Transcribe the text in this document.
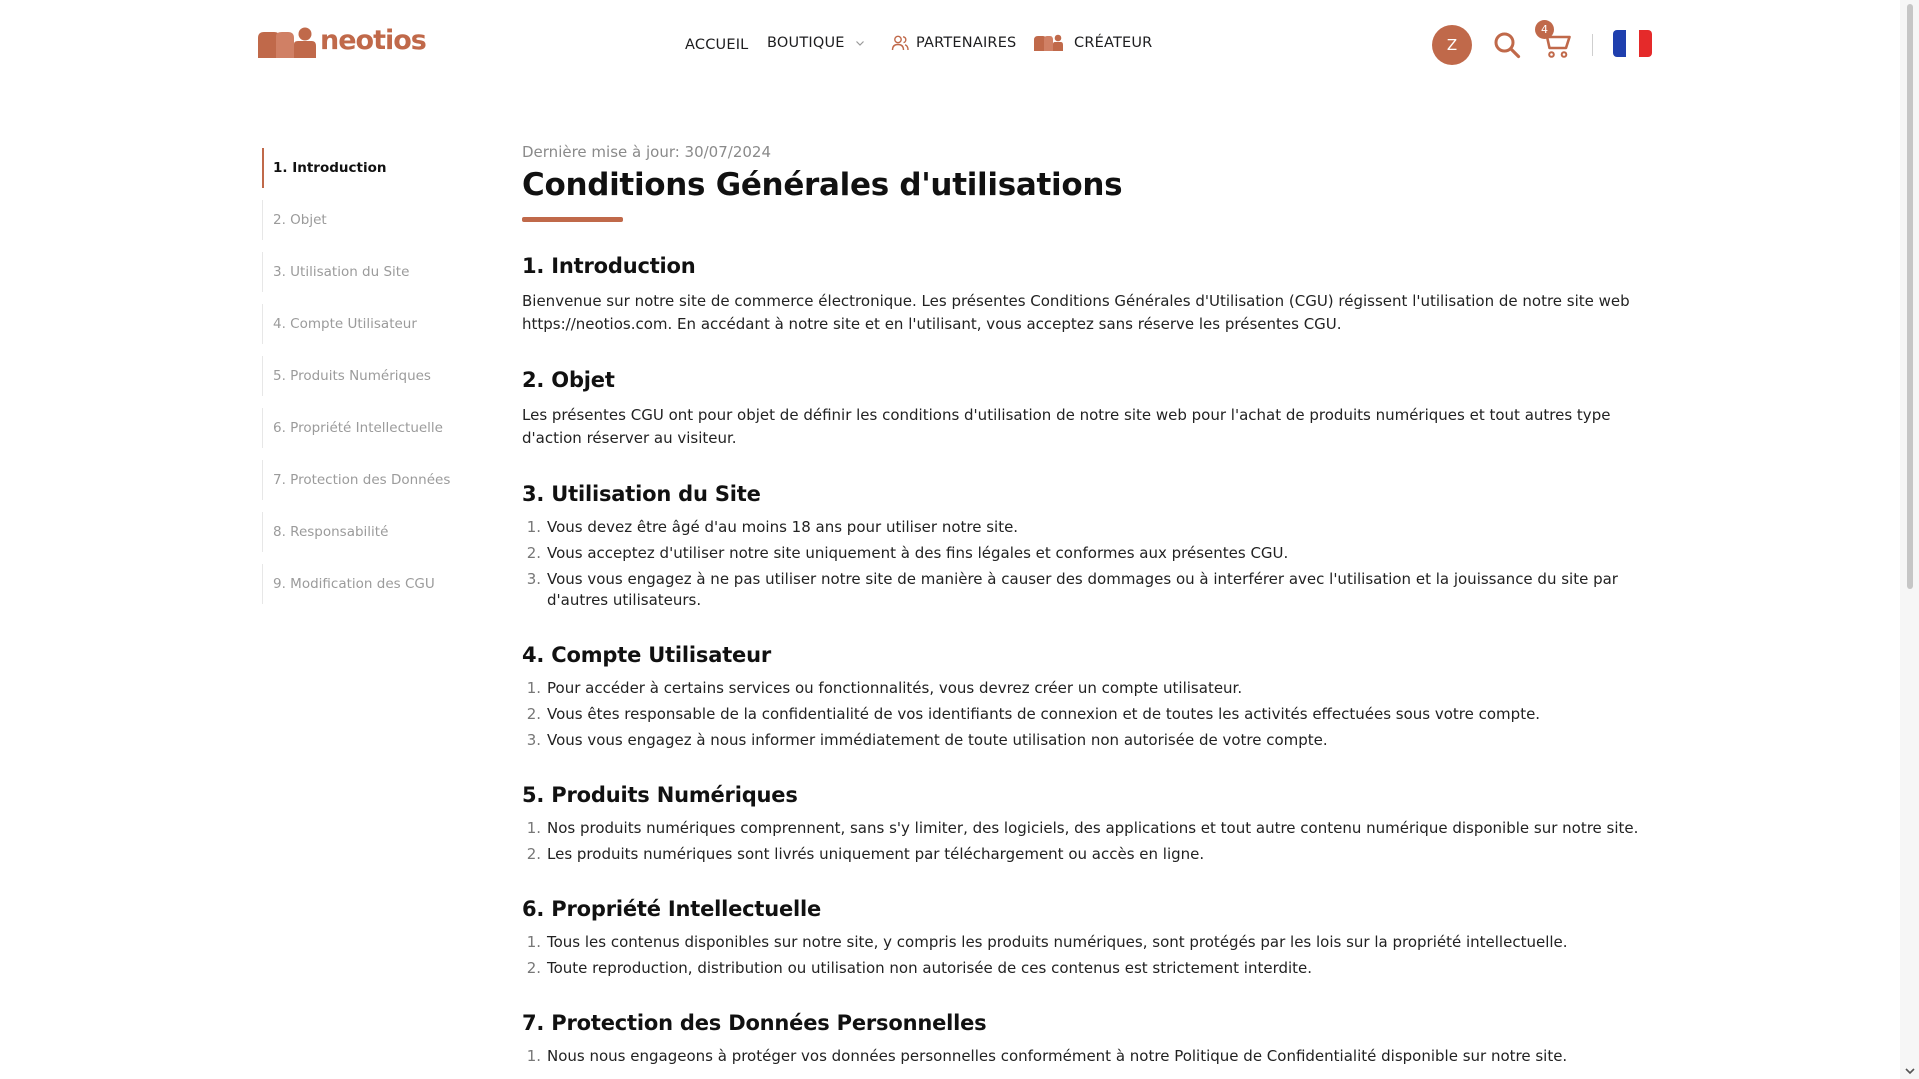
neotios	ACCUEIL BOUTIQUE	PARTENAIRES	CRÉATEUR	Z
4
1. Introduction
2. Objet
3. Utilisation du Site
4. Compte Utilisateur
5. Produits Numériques
6. Propriété Intellectuelle
7. Protection des Données
8. Responsabilité
9. Modification des CGU
Dernière mise à jour: 30/07/2024
Conditions Générales d'utilisations
1. Introduction

Bienvenue sur notre site de commerce électronique. Les présentes Conditions Générales d'Utilisation (CGU) régissent l'utilisation de notre site web https://neotios.com. En accédant à notre site et en l'utilisant, vous acceptez sans réserve les présentes CGU.

2. Objet

Les présentes CGU ont pour objet de définir les conditions d'utilisation de notre site web pour l'achat de produits numériques et tout autres type d'action réserver au visiteur.

3. Utilisation du Site
1. Vous devez être âgé d'au moins 18 ans pour utiliser notre site.
2. Vous acceptez d'utiliser notre site uniquement à des fins légales et conformes aux présentes CGU.
3. Vous vous engagez à ne pas utiliser notre site de manière à causer des dommages ou à interférer avec l'utilisation et la jouissance du site par d'autres utilisateurs.
4. Compte Utilisateur
1. Pour accéder à certains services ou fonctionnalités, vous devrez créer un compte utilisateur.
2. Vous êtes responsable de la confidentialité de vos identifiants de connexion et de toutes les activités effectuées sous votre compte.
3. Vous vous engagez à nous informer immédiatement de toute utilisation non autorisée de votre compte.
5. Produits Numériques
1. Nos produits numériques comprennent, sans s'y limiter, des logiciels, des applications et tout autre contenu numérique disponible sur notre site.
2. Les produits numériques sont livrés uniquement par téléchargement ou accès en ligne.
6. Propriété Intellectuelle
1. Tous les contenus disponibles sur notre site, y compris les produits numériques, sont protégés par les lois sur la propriété intellectuelle.
2. Toute reproduction, distribution ou utilisation non autorisée de ces contenus est strictement interdite.
7. Protection des Données Personnelles
1. Nous nous engageons à protéger vos données personnelles conformément à notre Politique de Confidentialité disponible sur notre site.
